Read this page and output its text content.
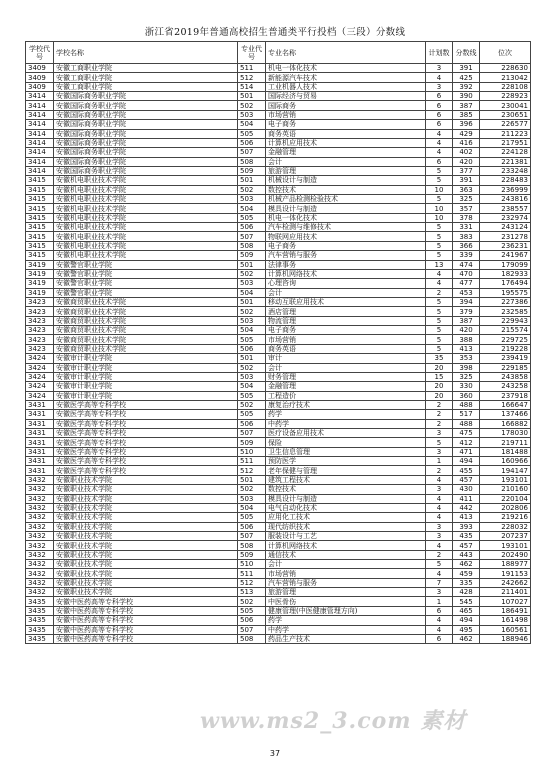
浙江省2019年普通高校招生普通类平行投档（三段）分数线
学校代号	学校名称	专业代号	专业名称	计划数	分数线	位次
3409	安徽工商职业学院	511	机电一体化技术	3	391	228630
3409	安徽工商职业学院	512	新能源汽车技术	4	425	213042
3409	安徽工商职业学院	514	工业机器人技术	3	392	228108
3414	安徽国际商务职业学院	501	国际经济与贸易	6	390	228923
3414	安徽国际商务职业学院	502	国际商务	6	387	230041
3414	安徽国际商务职业学院	503	市场营销	6	385	230651
3414	安徽国际商务职业学院	504	电子商务	6	396	226577
3414	安徽国际商务职业学院	505	商务英语	4	429	211223
3414	安徽国际商务职业学院	506	计算机应用技术	4	416	217951
3414	安徽国际商务职业学院	507	金融管理	4	402	224128
3414	安徽国际商务职业学院	508	会计	6	420	221381
3414	安徽国际商务职业学院	509	旅游管理	5	377	233248
3415	安徽机电职业技术学院	501	机械设计与制造	5	391	228483
3415	安徽机电职业技术学院	502	数控技术	10	363	236999
3415	安徽机电职业技术学院	503	机械产品检测检验技术	5	325	243816
3415	安徽机电职业技术学院	504	模具设计与制造	10	357	238557
3415	安徽机电职业技术学院	505	机电一体化技术	10	378	232974
3415	安徽机电职业技术学院	506	汽车检测与维修技术	5	331	243124
3415	安徽机电职业技术学院	507	物联网应用技术	5	383	231278
3415	安徽机电职业技术学院	508	电子商务	5	366	236231
3415	安徽机电职业技术学院	509	汽车营销与服务	5	339	241967
3419	安徽警官职业学院	501	法律事务	13	474	179099
3419	安徽警官职业学院	502	计算机网络技术	4	470	182933
3419	安徽警官职业学院	503	心理咨询	4	477	176494
3419	安徽警官职业学院	504	会计	2	453	195575
3423	安徽商贸职业技术学院	501	移动互联应用技术	5	394	227386
3423	安徽商贸职业技术学院	502	酒店管理	5	379	232585
3423	安徽商贸职业技术学院	503	物流管理	5	387	229943
3423	安徽商贸职业技术学院	504	电子商务	5	420	215574
3423	安徽商贸职业技术学院	505	市场营销	5	388	229725
3423	安徽商贸职业技术学院	506	商务英语	5	413	219228
3424	安徽审计职业学院	501	审计	35	353	239419
3424	安徽审计职业学院	502	会计	20	398	229185
3424	安徽审计职业学院	503	财务管理	15	325	243858
3424	安徽审计职业学院	504	金融管理	20	330	243258
3424	安徽审计职业学院	505	工程造价	20	360	237918
3431	安徽医学高等专科学校	502	康复治疗技术	2	488	166647
3431	安徽医学高等专科学校	505	药学	2	517	137466
3431	安徽医学高等专科学校	506	中药学	2	488	166882
3431	安徽医学高等专科学校	507	医疗设备应用技术	3	475	178030
3431	安徽医学高等专科学校	509	保险	5	412	219711
3431	安徽医学高等专科学校	510	卫生信息管理	3	471	181488
3431	安徽医学高等专科学校	511	预防医学	1	494	160966
3431	安徽医学高等专科学校	512	老年保健与管理	2	455	194147
3432	安徽职业技术学院	501	建筑工程技术	4	457	193101
3432	安徽职业技术学院	502	数控技术	3	430	210160
3432	安徽职业技术学院	503	模具设计与制造	4	411	220104
3432	安徽职业技术学院	504	电气自动化技术	4	442	202806
3432	安徽职业技术学院	505	应用化工技术	4	413	219216
3432	安徽职业技术学院	506	现代纺织技术	3	393	228032
3432	安徽职业技术学院	507	服装设计与工艺	3	435	207237
3432	安徽职业技术学院	508	计算机网络技术	4	457	193101
3432	安徽职业技术学院	509	通信技术	2	443	202490
3432	安徽职业技术学院	510	会计	5	462	188977
3432	安徽职业技术学院	511	市场营销	4	459	191153
3432	安徽职业技术学院	512	汽车营销与服务	7	335	242662
3432	安徽职业技术学院	513	旅游管理	3	428	211401
3435	安徽中医药高等专科学校	502	中医骨伤	1	545	107027
3435	安徽中医药高等专科学校	505	健康管理(中医健康管理方向)	6	465	186491
3435	安徽中医药高等专科学校	506	药学	4	494	161498
3435	安徽中医药高等专科学校	507	中药学	4	495	160561
3435	安徽中医药高等专科学校	508	药品生产技术	6	462	188946
www.ms2_3.com 素材
37
